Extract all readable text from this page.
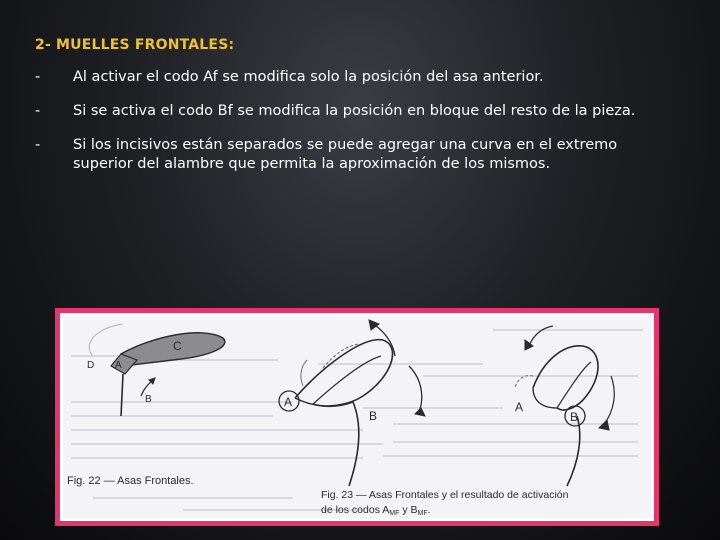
2- MUELLES FRONTALES:
-	Al activar el codo Af se modifica solo la posición del asa anterior.
-	Si se activa el codo Bf se modifica la posición en bloque del resto de la pieza.
-	Si los incisivos están separados se puede agregar una curva en el extremo superior del alambre que permita la aproximación de los mismos.
C
D A
B
Fig. 22 — Asas Frontales.
A
B
A
B
Fig. 23 — Asas Frontales y el resultado de activación
de los codos AMF y BMF.
